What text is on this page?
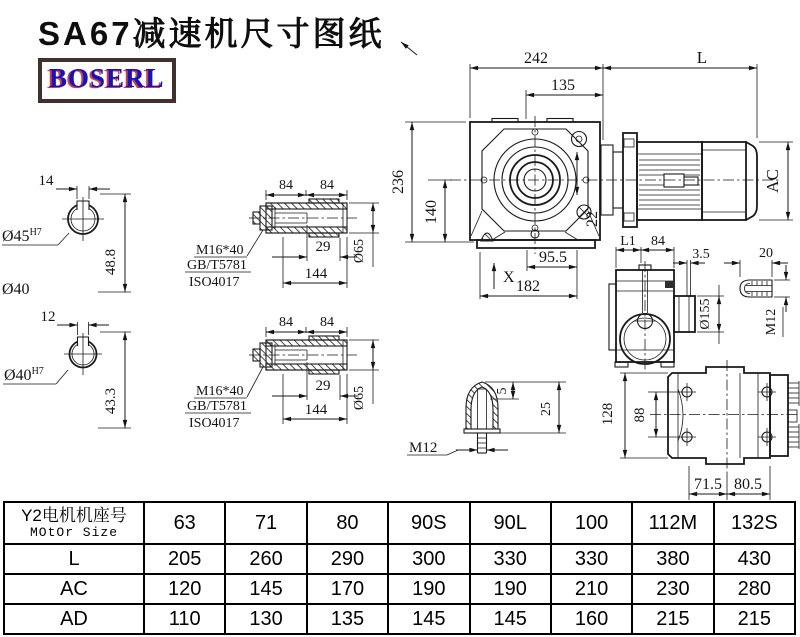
242	L
135
236
140
AC
22
95.5
182
X
14
$Ø45^{H7}$
48.8
Ø40
12
$Ø40^{H7}$
43.3
84 84
29
144
Ø65
M16*40
GB/T5781
ISO4017
84 84
29
144 Ø65
M16*40
GB/T5781
ISO4017
M12
5
25
L1 84
3.5
Ø155
20
M12
128 88
71.5 80.5
SA67减速机尺寸图纸
BOSERL
Y2电机机座号
MOtOr Size	63	71	80	90S	90L	100	112M	132S
L	205	260	290	300	330	330	380	430
AC	120	145	170	190	190	210	230	280
AD	110	130	135	145	145	160	215	215
